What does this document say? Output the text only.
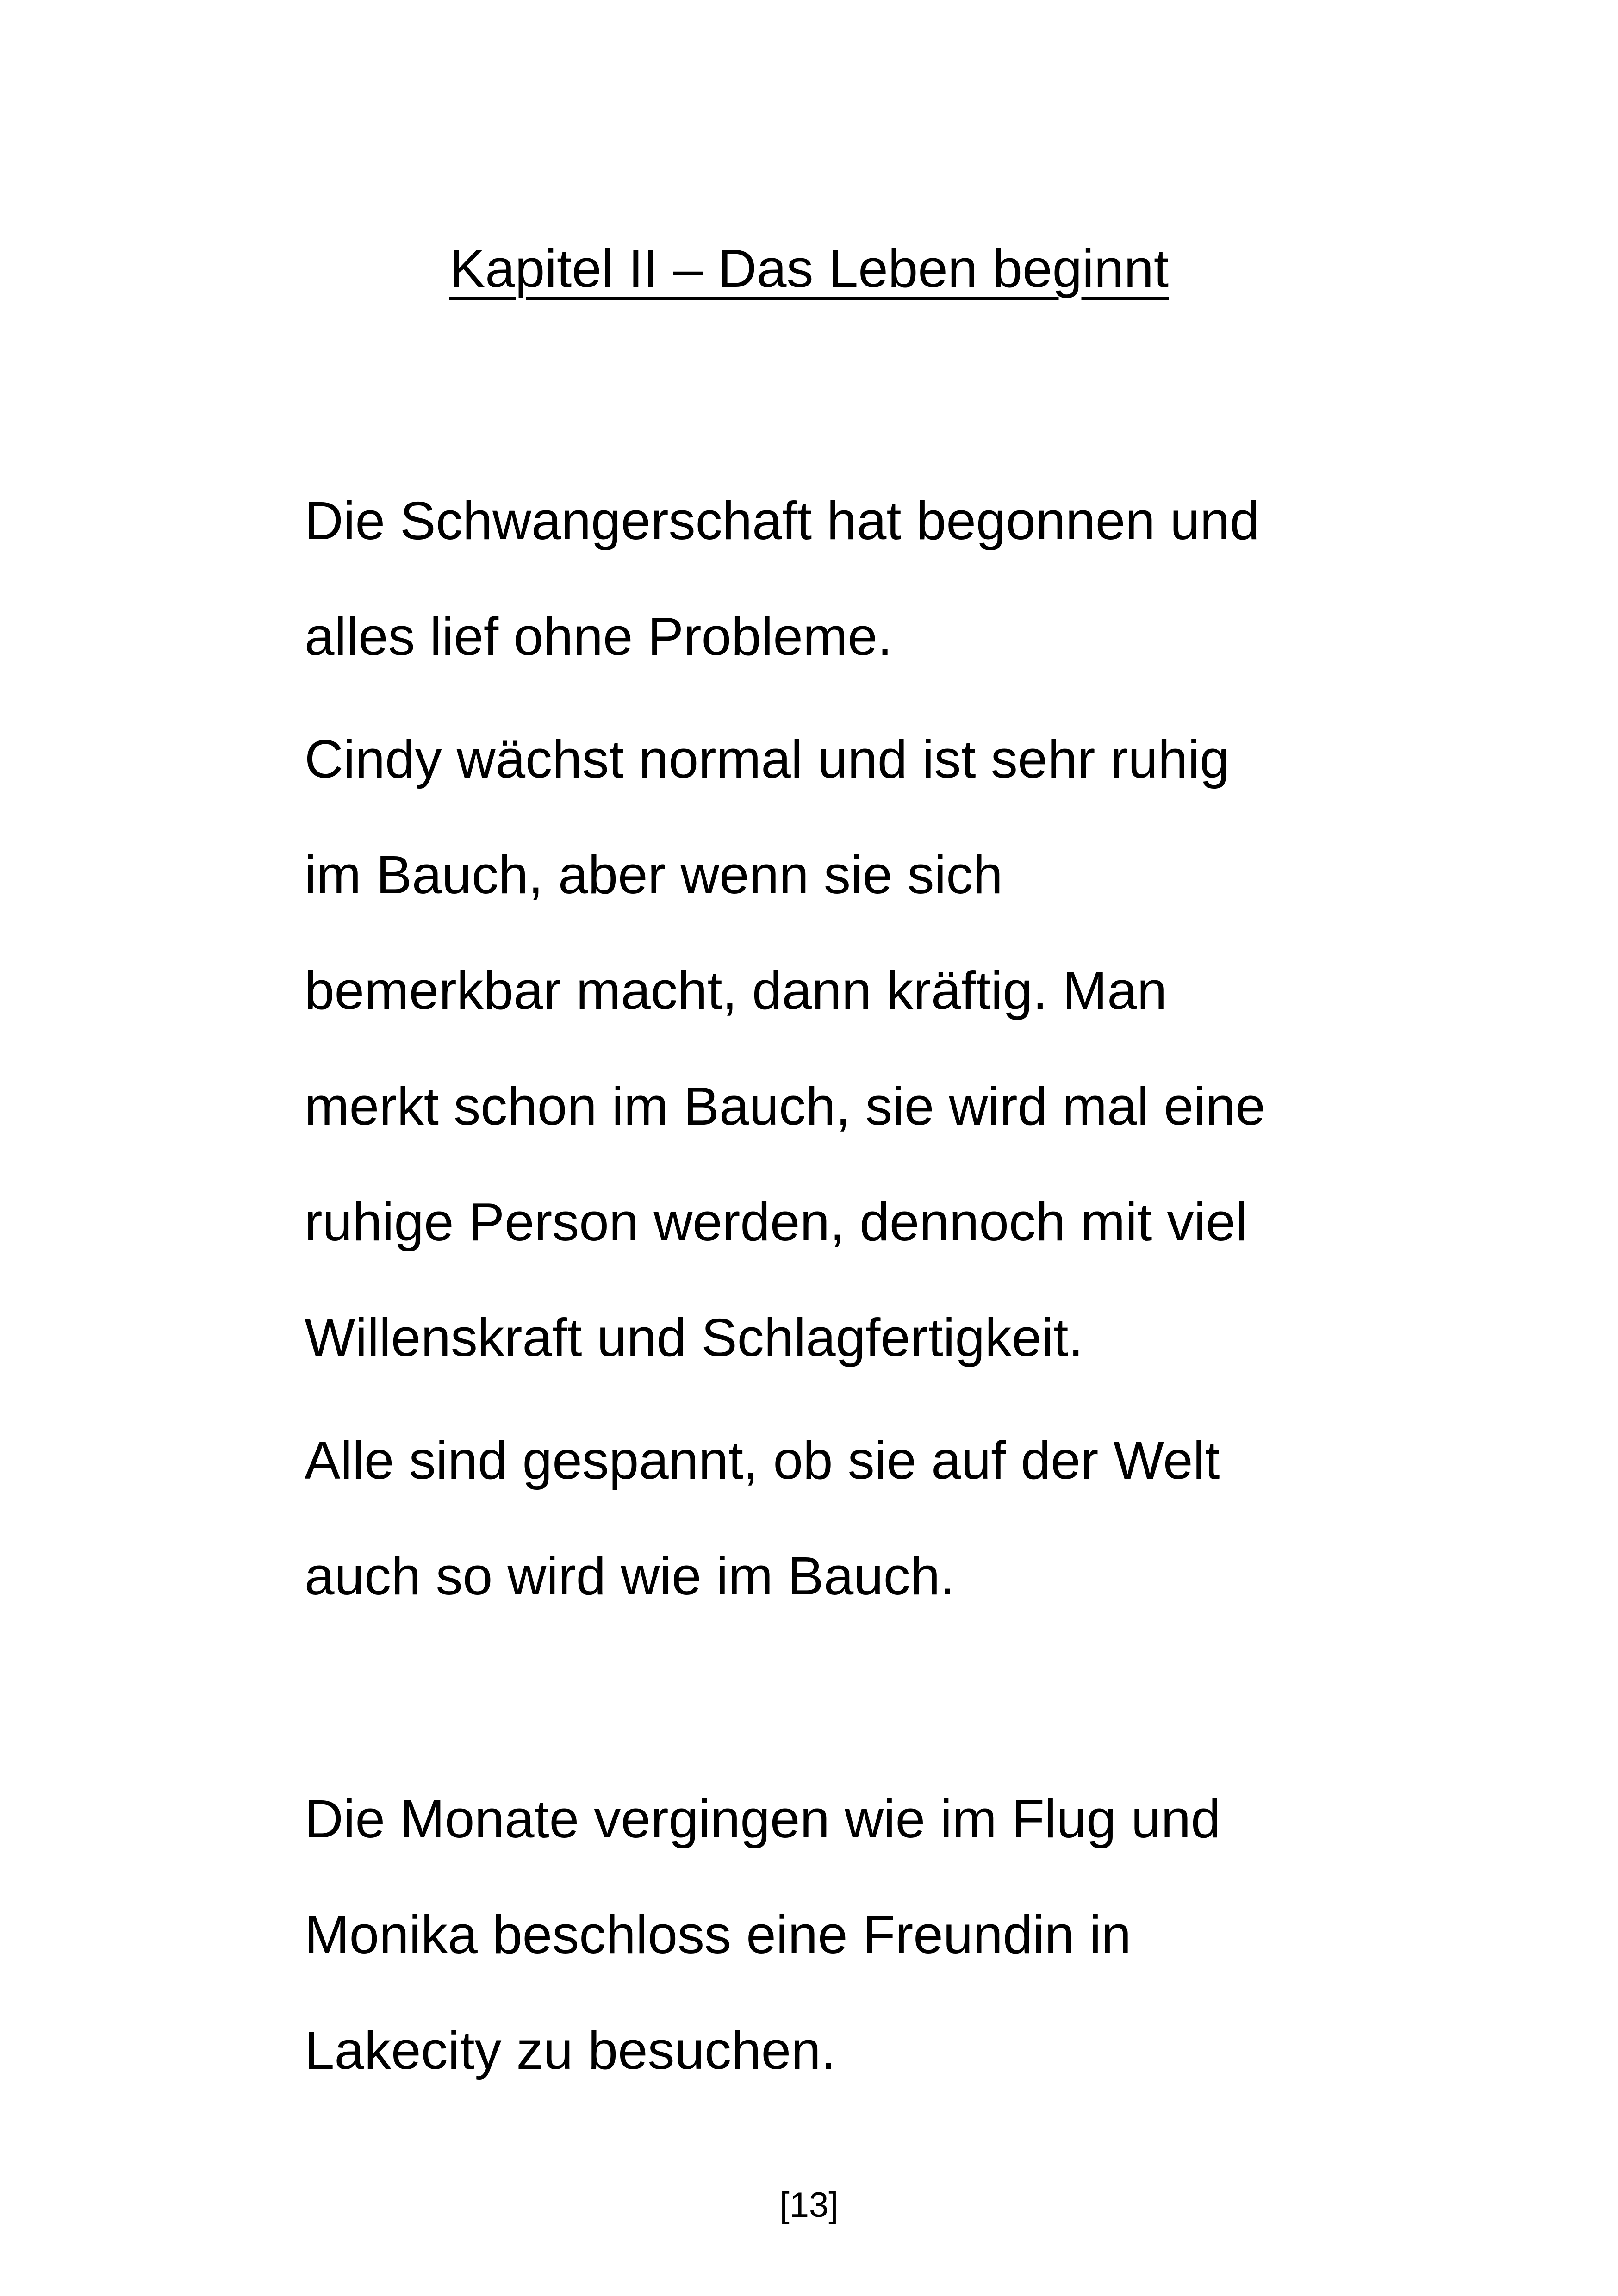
Kapitel II – Das Leben beginnt
Die Schwangerschaft hat begonnen und
alles lief ohne Probleme.
Cindy wächst normal und ist sehr ruhig
im Bauch, aber wenn sie sich
bemerkbar macht, dann kräftig. Man
merkt schon im Bauch, sie wird mal eine
ruhige Person werden, dennoch mit viel
Willenskraft und Schlagfertigkeit.
Alle sind gespannt, ob sie auf der Welt
auch so wird wie im Bauch.
Die Monate vergingen wie im Flug und
Monika beschloss eine Freundin in
Lakecity zu besuchen.
[13]
